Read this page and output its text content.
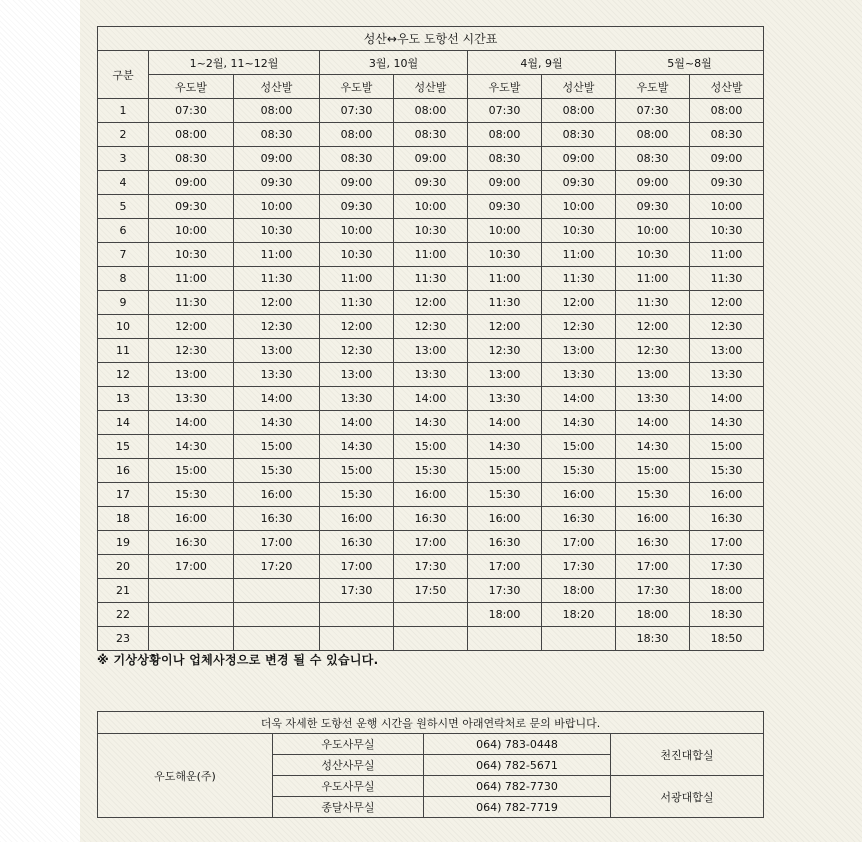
성산↔우도 도항선 시간표								
구분	1~2월, 11~12월		3월, 10월		4월, 9월		5월~8월	
	우도발	성산발	우도발	성산발	우도발	성산발	우도발	성산발
1	07:30	08:00	07:30	08:00	07:30	08:00	07:30	08:00
2	08:00	08:30	08:00	08:30	08:00	08:30	08:00	08:30
3	08:30	09:00	08:30	09:00	08:30	09:00	08:30	09:00
4	09:00	09:30	09:00	09:30	09:00	09:30	09:00	09:30
5	09:30	10:00	09:30	10:00	09:30	10:00	09:30	10:00
6	10:00	10:30	10:00	10:30	10:00	10:30	10:00	10:30
7	10:30	11:00	10:30	11:00	10:30	11:00	10:30	11:00
8	11:00	11:30	11:00	11:30	11:00	11:30	11:00	11:30
9	11:30	12:00	11:30	12:00	11:30	12:00	11:30	12:00
10	12:00	12:30	12:00	12:30	12:00	12:30	12:00	12:30
11	12:30	13:00	12:30	13:00	12:30	13:00	12:30	13:00
12	13:00	13:30	13:00	13:30	13:00	13:30	13:00	13:30
13	13:30	14:00	13:30	14:00	13:30	14:00	13:30	14:00
14	14:00	14:30	14:00	14:30	14:00	14:30	14:00	14:30
15	14:30	15:00	14:30	15:00	14:30	15:00	14:30	15:00
16	15:00	15:30	15:00	15:30	15:00	15:30	15:00	15:30
17	15:30	16:00	15:30	16:00	15:30	16:00	15:30	16:00
18	16:00	16:30	16:00	16:30	16:00	16:30	16:00	16:30
19	16:30	17:00	16:30	17:00	16:30	17:00	16:30	17:00
20	17:00	17:20	17:00	17:30	17:00	17:30	17:00	17:30
21			17:30	17:50	17:30	18:00	17:30	18:00
22					18:00	18:20	18:00	18:30
23							18:30	18:50
※ 기상상황이나 업체사정으로 변경 될 수 있습니다.
더욱 자세한 도항선 운행 시간을 원하시면 아래연락처로 문의 바랍니다.			
우도해운(주)	우도사무실	064) 783-0448	천진대합실
	성산사무실	064) 782-5671	
	우도사무실	064) 782-7730	서광대합실
	종달사무실	064) 782-7719	
